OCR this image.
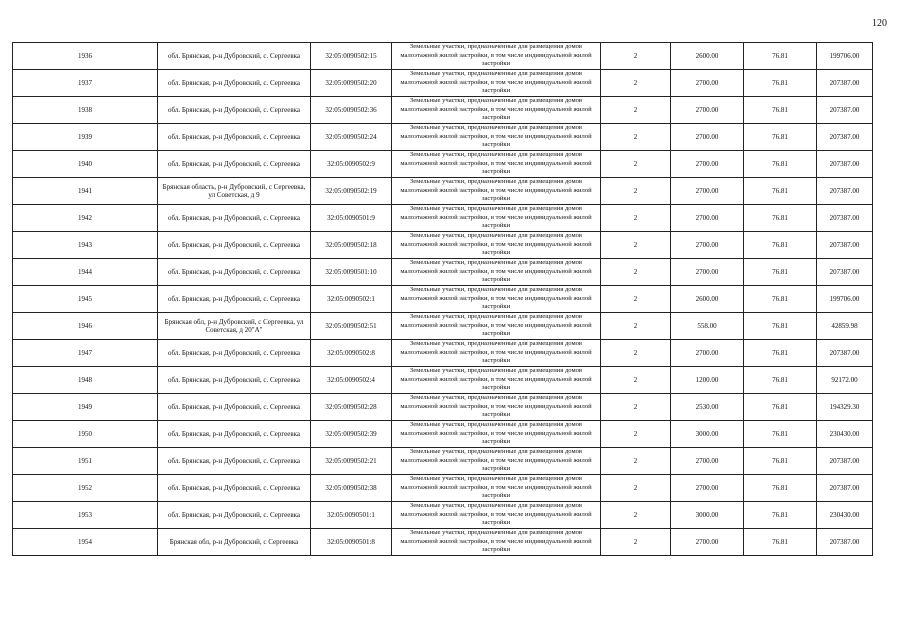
120
1936		обл. Брянская, р-н Дубровский, с. Сергеевка	32:05:0090502:15	Земельные участки, предназначенные для размещения домов малоэтажной жилой застройки, в том числе индивидуальной жилой застройки	2	2600.00	76.81	199706.00
1937		обл. Брянская, р-н Дубровский, с. Сергеевка	32:05:0090502:20	Земельные участки, предназначенные для размещения домов малоэтажной жилой застройки, в том числе индивидуальной жилой застройки	2	2700.00	76.81	207387.00
1938		обл. Брянская, р-н Дубровский, с. Сергеевка	32:05:0090502:36	Земельные участки, предназначенные для размещения домов малоэтажной жилой застройки, в том числе индивидуальной жилой застройки	2	2700.00	76.81	207387.00
1939		обл. Брянская, р-н Дубровский, с. Сергеевка	32:05:0090502:24	Земельные участки, предназначенные для размещения домов малоэтажной жилой застройки, в том числе индивидуальной жилой застройки	2	2700.00	76.81	207387.00
1940		обл. Брянская, р-н Дубровский, с. Сергеевка	32:05:0090502:9	Земельные участки, предназначенные для размещения домов малоэтажной жилой застройки, в том числе индивидуальной жилой застройки	2	2700.00	76.81	207387.00
1941		Брянская область, р-н Дубровский, с Сергеевка, ул Советская, д 9	32:05:0090502:19	Земельные участки, предназначенные для размещения домов малоэтажной жилой застройки, в том числе индивидуальной жилой застройки	2	2700.00	76.81	207387.00
1942		обл. Брянская, р-н Дубровский, с. Сергеевка	32:05:0090501:9	Земельные участки, предназначенные для размещения домов малоэтажной жилой застройки, в том числе индивидуальной жилой застройки	2	2700.00	76.81	207387.00
1943		обл. Брянская, р-н Дубровский, с. Сергеевка	32:05:0090502:18	Земельные участки, предназначенные для размещения домов малоэтажной жилой застройки, в том числе индивидуальной жилой застройки	2	2700.00	76.81	207387.00
1944		обл. Брянская, р-н Дубровский, с. Сергеевка	32:05:0090501:10	Земельные участки, предназначенные для размещения домов малоэтажной жилой застройки, в том числе индивидуальной жилой застройки	2	2700.00	76.81	207387.00
1945		обл. Брянская, р-н Дубровский, с. Сергеевка	32:05:0090502:1	Земельные участки, предназначенные для размещения домов малоэтажной жилой застройки, в том числе индивидуальной жилой застройки	2	2600.00	76.81	199706.00
1946		Брянская обл, р-н Дубровский, с Сергеевка, ул Советская, д 20"А"	32:05:0090502:51	Земельные участки, предназначенные для размещения домов малоэтажной жилой застройки, в том числе индивидуальной жилой застройки	2	558.00	76.81	42859.98
1947		обл. Брянская, р-н Дубровский, с. Сергеевка	32:05:0090502:8	Земельные участки, предназначенные для размещения домов малоэтажной жилой застройки, в том числе индивидуальной жилой застройки	2	2700.00	76.81	207387.00
1948		обл. Брянская, р-н Дубровский, с. Сергеевка	32:05:0090502:4	Земельные участки, предназначенные для размещения домов малоэтажной жилой застройки, в том числе индивидуальной жилой застройки	2	1200.00	76.81	92172.00
1949		обл. Брянская, р-н Дубровский, с. Сергеевка	32:05:0090502:28	Земельные участки, предназначенные для размещения домов малоэтажной жилой застройки, в том числе индивидуальной жилой застройки	2	2530.00	76.81	194329.30
1950		обл. Брянская, р-н Дубровский, с. Сергеевка	32:05:0090502:39	Земельные участки, предназначенные для размещения домов малоэтажной жилой застройки, в том числе индивидуальной жилой застройки	2	3000.00	76.81	230430.00
1951		обл. Брянская, р-н Дубровский, с. Сергеевка	32:05:0090502:21	Земельные участки, предназначенные для размещения домов малоэтажной жилой застройки, в том числе индивидуальной жилой застройки	2	2700.00	76.81	207387.00
1952		обл. Брянская, р-н Дубровский, с. Сергеевка	32:05:0090502:38	Земельные участки, предназначенные для размещения домов малоэтажной жилой застройки, в том числе индивидуальной жилой застройки	2	2700.00	76.81	207387.00
1953		обл. Брянская, р-н Дубровский, с. Сергеевка	32:05:0090501:1	Земельные участки, предназначенные для размещения домов малоэтажной жилой застройки, в том числе индивидуальной жилой застройки	2	3000.00	76.81	230430.00
1954		Брянская обл, р-н Дубровский, с Сергеевка	32:05:0090501:8	Земельные участки, предназначенные для размещения домов малоэтажной жилой застройки, в том числе индивидуальной жилой застройки	2	2700.00	76.81	207387.00
